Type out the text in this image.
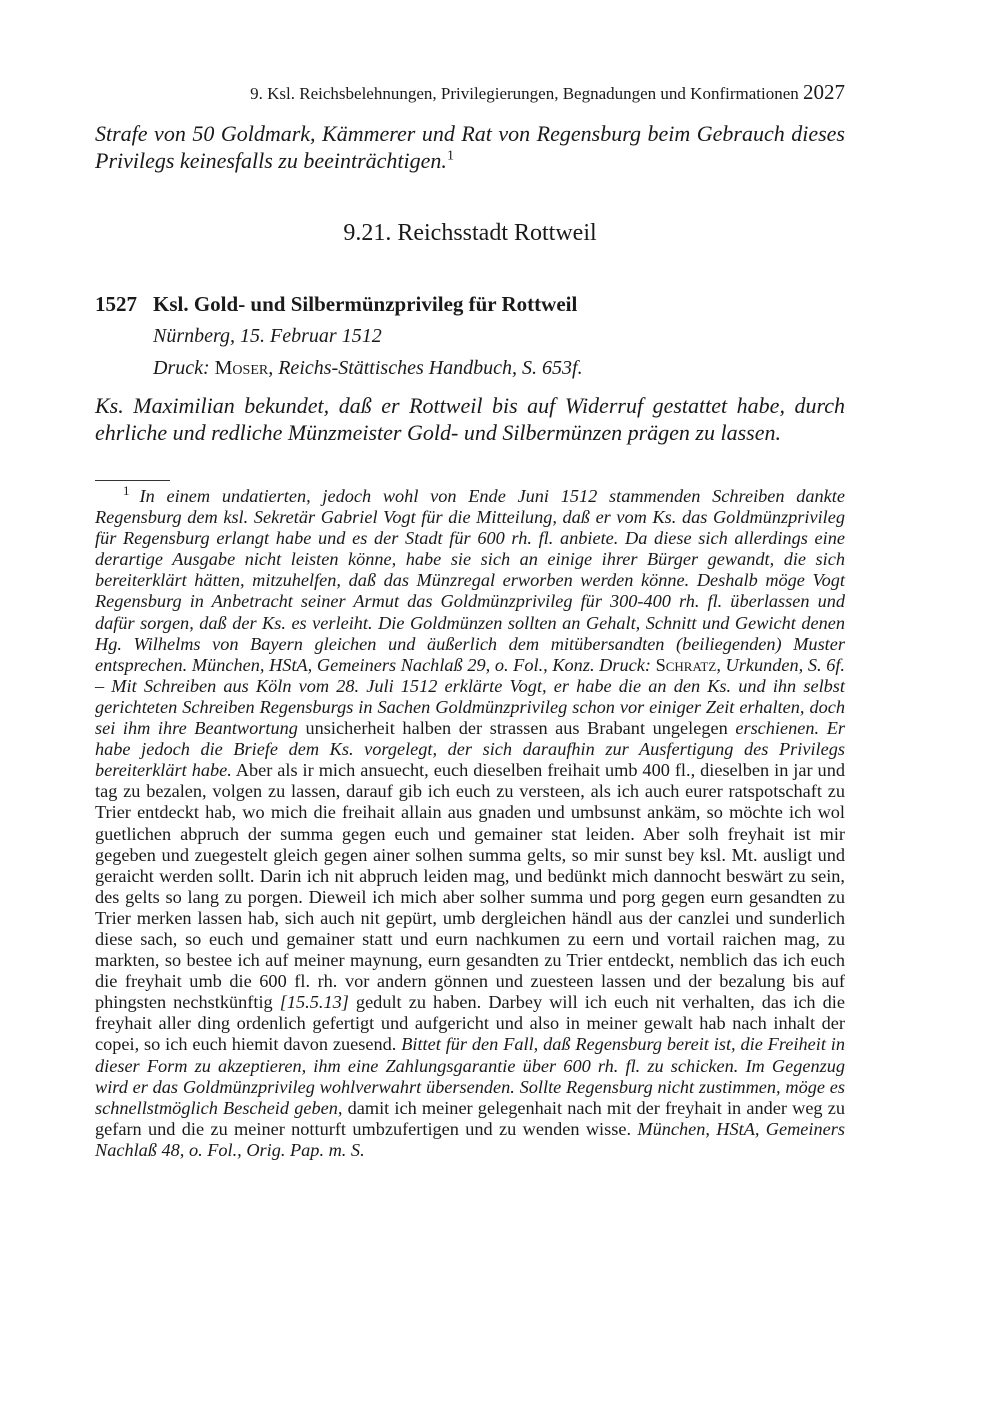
9. Ksl. Reichsbelehnungen, Privilegierungen, Begnadungen und Konfirmationen 2027
Strafe von 50 Goldmark, Kämmerer und Rat von Regensburg beim Gebrauch dieses Privilegs keinesfalls zu beeinträchtigen.$^1$
9.21. Reichsstadt Rottweil
1527 Ksl. Gold- und Silbermünzprivileg für Rottweil
Nürnberg, 15. Februar 1512
Druck: Moser, Reichs-Stättisches Handbuch, S. 653f.
Ks. Maximilian bekundet, daß er Rottweil bis auf Widerruf gestattet habe, durch ehrliche und redliche Münzmeister Gold- und Silbermünzen prägen zu lassen.
$^1$ In einem undatierten, jedoch wohl von Ende Juni 1512 stammenden Schreiben dankte Regensburg dem ksl. Sekretär Gabriel Vogt für die Mitteilung, daß er vom Ks. das Goldmünzprivileg für Regensburg erlangt habe und es der Stadt für 600 rh. fl. anbiete. Da diese sich allerdings eine derartige Ausgabe nicht leisten könne, habe sie sich an einige ihrer Bürger gewandt, die sich bereiterklärt hätten, mitzuhelfen, daß das Münzregal erworben werden könne. Deshalb möge Vogt Regensburg in Anbetracht seiner Armut das Goldmünzprivileg für 300-400 rh. fl. überlassen und dafür sorgen, daß der Ks. es verleiht. Die Goldmünzen sollten an Gehalt, Schnitt und Gewicht denen Hg. Wilhelms von Bayern gleichen und äußerlich dem mitübersandten (beiliegenden) Muster entsprechen. München, HStA, Gemeiners Nachlaß 29, o. Fol., Konz. Druck: Schratz, Urkunden, S. 6f. – Mit Schreiben aus Köln vom 28. Juli 1512 erklärte Vogt, er habe die an den Ks. und ihn selbst gerichteten Schreiben Regensburgs in Sachen Goldmünzprivileg schon vor einiger Zeit erhalten, doch sei ihm ihre Beantwortung unsicherheit halben der strassen aus Brabant ungelegen erschienen. Er habe jedoch die Briefe dem Ks. vorgelegt, der sich daraufhin zur Ausfertigung des Privilegs bereiterklärt habe. Aber als ir mich ansuecht, euch dieselben freihait umb 400 fl., dieselben in jar und tag zu bezalen, volgen zu lassen, darauf gib ich euch zu versteen, als ich auch eurer ratspotschaft zu Trier entdeckt hab, wo mich die freihait allain aus gnaden und umbsunst ankäm, so möchte ich wol guetlichen abpruch der summa gegen euch und gemainer stat leiden. Aber solh freyhait ist mir gegeben und zuegestelt gleich gegen ainer solhen summa gelts, so mir sunst bey ksl. Mt. ausligt und geraicht werden sollt. Darin ich nit abpruch leiden mag, und bedünkt mich dannocht beswärt zu sein, des gelts so lang zu porgen. Dieweil ich mich aber solher summa und porg gegen eurn gesandten zu Trier merken lassen hab, sich auch nit gepürt, umb dergleichen händl aus der canzlei und sunderlich diese sach, so euch und gemainer statt und eurn nachkumen zu eern und vortail raichen mag, zu markten, so bestee ich auf meiner maynung, eurn gesandten zu Trier entdeckt, nemblich das ich euch die freyhait umb die 600 fl. rh. vor andern gönnen und zuesteen lassen und der bezalung bis auf phingsten nechstkünftig [15.5.13] gedult zu haben. Darbey will ich euch nit verhalten, das ich die freyhait aller ding ordenlich gefertigt und aufgericht und also in meiner gewalt hab nach inhalt der copei, so ich euch hiemit davon zuesend. Bittet für den Fall, daß Regensburg bereit ist, die Freiheit in dieser Form zu akzeptieren, ihm eine Zahlungsgarantie über 600 rh. fl. zu schicken. Im Gegenzug wird er das Goldmünzprivileg wohlverwahrt übersenden. Sollte Regensburg nicht zustimmen, möge es schnellstmöglich Bescheid geben, damit ich meiner gelegenhait nach mit der freyhait in ander weg zu gefarn und die zu meiner notturft umbzufertigen und zu wenden wisse. München, HStA, Gemeiners Nachlaß 48, o. Fol., Orig. Pap. m. S.
